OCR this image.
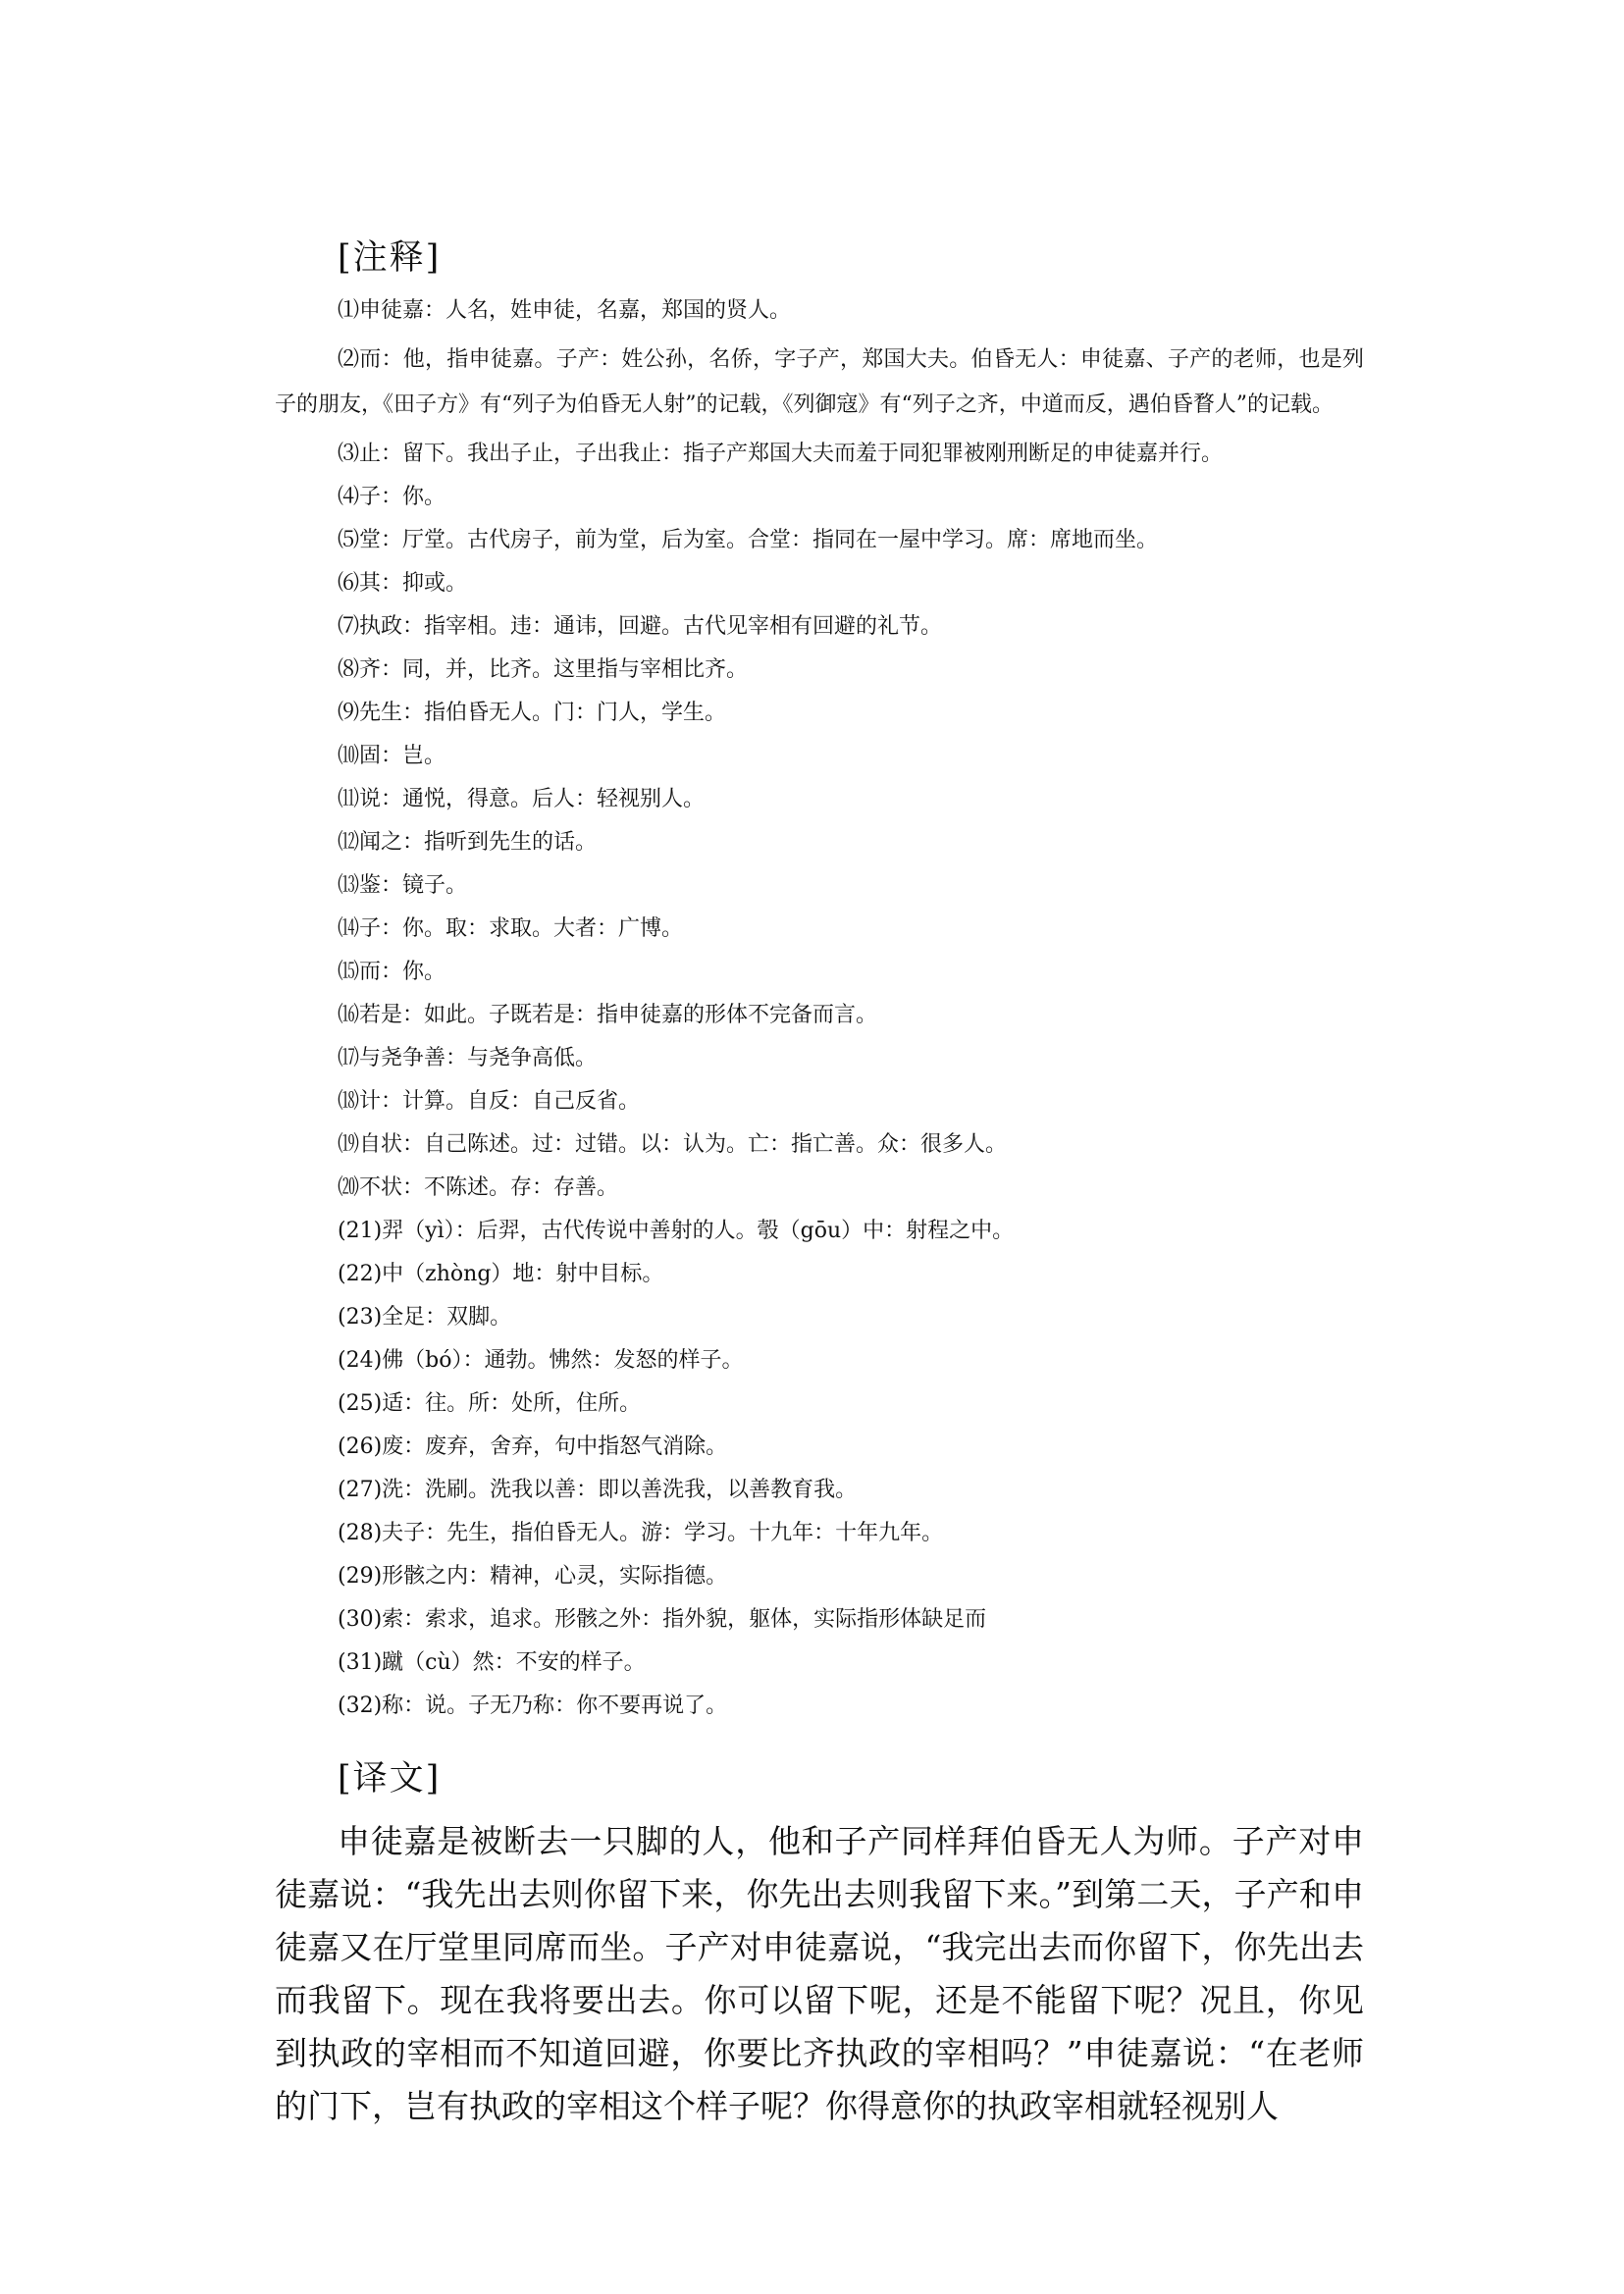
[注释]

⑴申徒嘉：人名，姓申徒，名嘉，郑国的贤人。

⑵而：他，指申徒嘉。子产：姓公孙，名侨，字子产，郑国大夫。伯昏无人：申徒嘉、子产的老师，也是列子的朋友，《田子方》有“列子为伯昏无人射”的记载，《列御寇》有“列子之齐，中道而反，遇伯昏瞀人”的记载。

⑶止：留下。我出子止，子出我止：指子产郑国大夫而羞于同犯罪被刚刑断足的申徒嘉并行。

⑷子：你。

⑸堂：厅堂。古代房子，前为堂，后为室。合堂：指同在一屋中学习。席：席地而坐。

⑹其：抑或。

⑺执政：指宰相。违：通讳，回避。古代见宰相有回避的礼节。

⑻齐：同，并，比齐。这里指与宰相比齐。

⑼先生：指伯昏无人。门：门人，学生。

⑽固：岂。

⑾说：通悦，得意。后人：轻视别人。

⑿闻之：指听到先生的话。

⒀鉴：镜子。

⒁子：你。取：求取。大者：广博。

⒂而：你。

⒃若是：如此。子既若是：指申徒嘉的形体不完备而言。

⒄与尧争善：与尧争高低。

⒅计：计算。自反：自己反省。

⒆自状：自己陈述。过：过错。以：认为。亡：指亡善。众：很多人。

⒇不状：不陈述。存：存善。

(21)羿（yì）：后羿，古代传说中善射的人。彀（gōu）中：射程之中。

(22)中（zhòng）地：射中目标。

(23)全足：双脚。

(24)佛（bó）：通勃。怫然：发怒的样子。

(25)适：往。所：处所，住所。

(26)废：废弃，舍弃，句中指怒气消除。

(27)洗：洗刷。洗我以善：即以善洗我，以善教育我。

(28)夫子：先生，指伯昏无人。游：学习。十九年：十年九年。

(29)形骸之内：精神，心灵，实际指德。

(30)索：索求，追求。形骸之外：指外貌，躯体，实际指形体缺足而

(31)蹴（cù）然：不安的样子。

(32)称：说。子无乃称：你不要再说了。

[译文]

申徒嘉是被断去一只脚的人，他和子产同样拜伯昏无人为师。子产对申徒嘉说：“我先出去则你留下来，你先出去则我留下来。”到第二天，子产和申徒嘉又在厅堂里同席而坐。子产对申徒嘉说，“我完出去而你留下，你先出去而我留下。现在我将要出去。你可以留下呢，还是不能留下呢？况且，你见到执政的宰相而不知道回避，你要比齐执政的宰相吗？”申徒嘉说：“在老师的门下，岂有执政的宰相这个样子呢？你得意你的执政宰相就轻视别人
